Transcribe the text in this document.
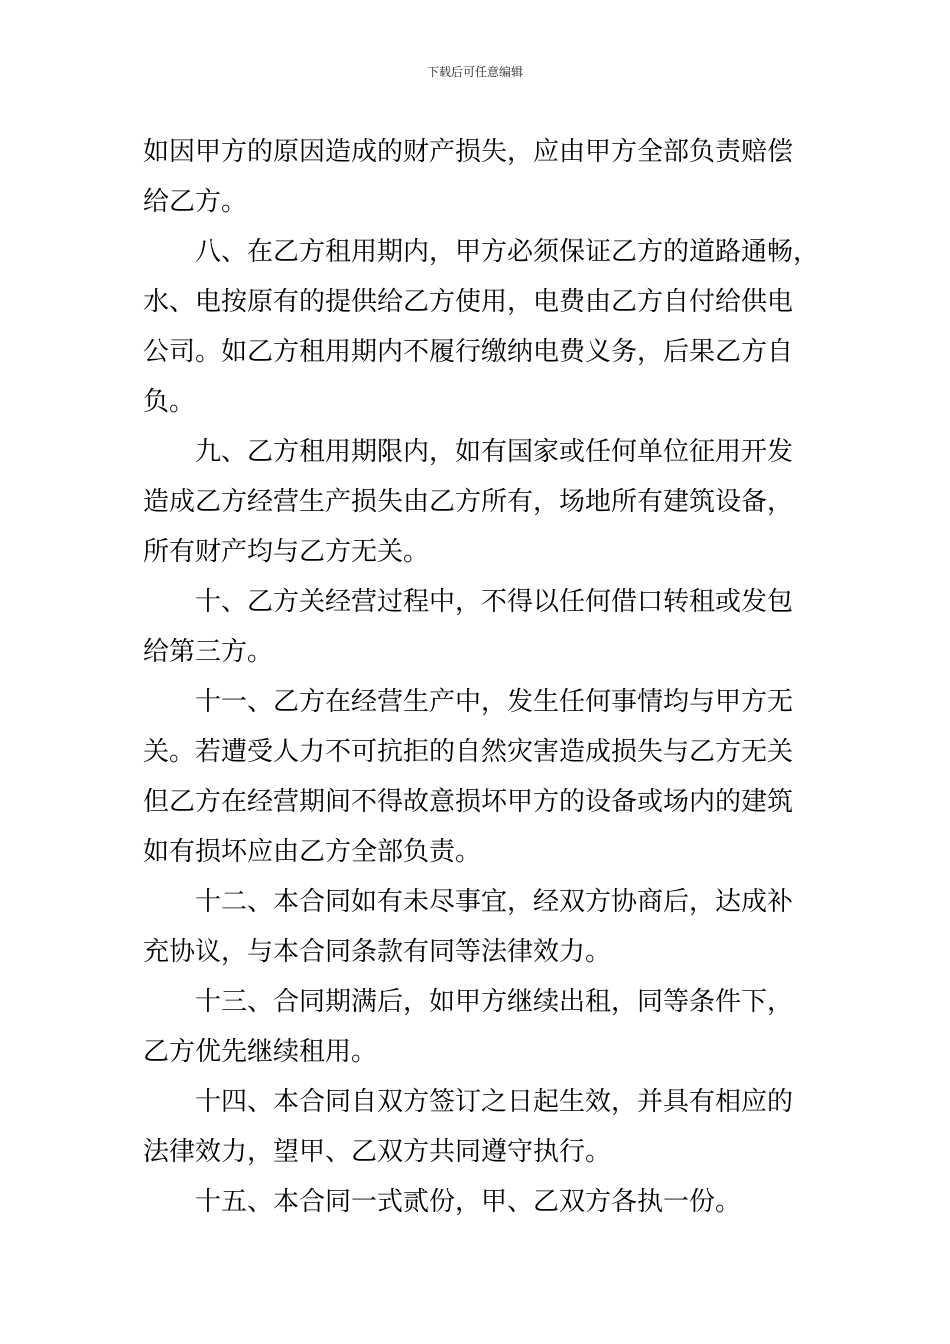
下载后可任意编辑
如因甲方的原因造成的财产损失，应由甲方全部负责赔偿
给乙方。
　　八、在乙方租用期内，甲方必须保证乙方的道路通畅，
水、电按原有的提供给乙方使用，电费由乙方自付给供电
公司。如乙方租用期内不履行缴纳电费义务，后果乙方自
负。
　　九、乙方租用期限内，如有国家或任何单位征用开发
造成乙方经营生产损失由乙方所有，场地所有建筑设备，
所有财产均与乙方无关。
　　十、乙方关经营过程中，不得以任何借口转租或发包
给第三方。
　　十一、乙方在经营生产中，发生任何事情均与甲方无
关。若遭受人力不可抗拒的自然灾害造成损失与乙方无关
但乙方在经营期间不得故意损坏甲方的设备或场内的建筑
如有损坏应由乙方全部负责。
　　十二、本合同如有未尽事宜，经双方协商后，达成补
充协议，与本合同条款有同等法律效力。
　　十三、合同期满后，如甲方继续出租，同等条件下，
乙方优先继续租用。
　　十四、本合同自双方签订之日起生效，并具有相应的
法律效力，望甲、乙双方共同遵守执行。
　　十五、本合同一式贰份，甲、乙双方各执一份。
